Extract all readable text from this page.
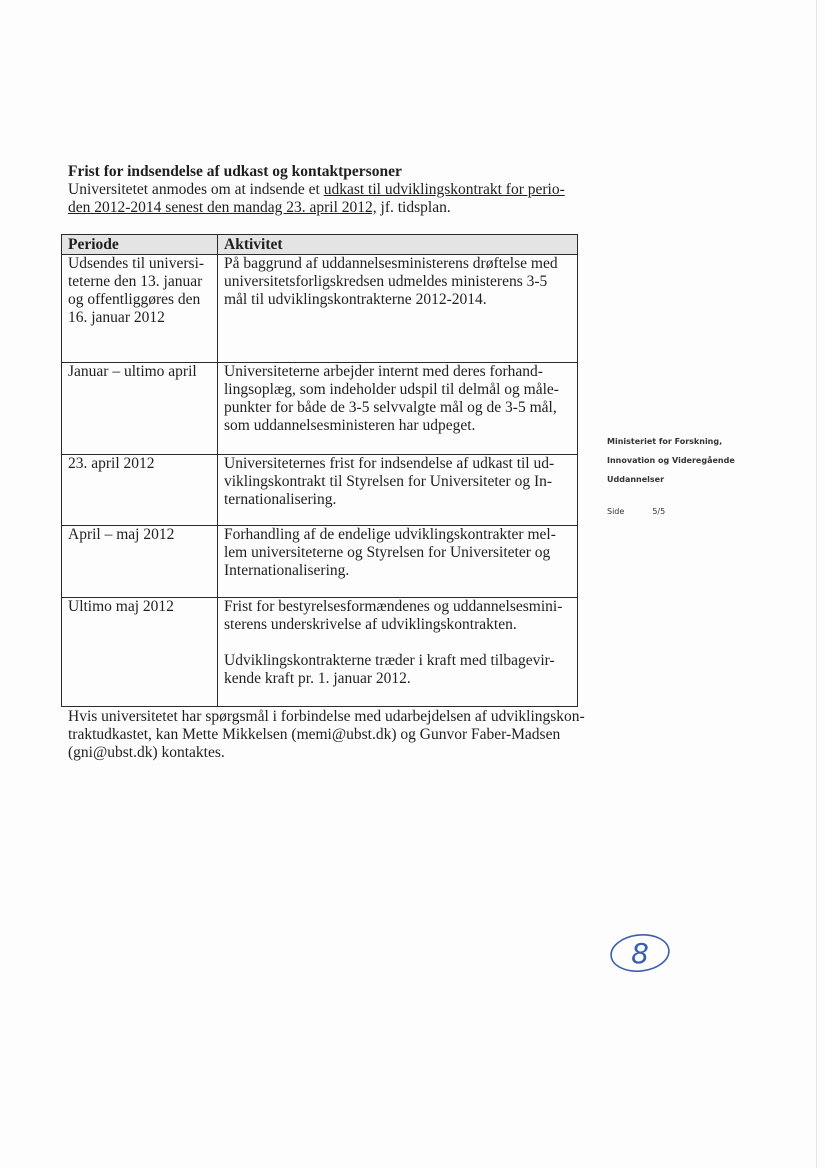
Frist for indsendelse af udkast og kontaktpersoner

Universitetet anmodes om at indsende et udkast til udviklingskontrakt for perio-
den 2012-2014 senest den mandag 23. april 2012, jf. tidsplan.

Periode	Aktivitet

Udsendes til universi-
teterne den 13. januar
og offentliggøres den
16. januar 2012	På baggrund af uddannelsesministerens drøftelse med
universitetsforligskredsen udmeldes ministerens 3-5
mål til udviklingskontrakterne 2012-2014.

Januar – ultimo april	Universiteterne arbejder internt med deres forhand-
lingsoplæg, som indeholder udspil til delmål og måle-
punkter for både de 3-5 selvvalgte mål og de 3-5 mål,
som uddannelsesministeren har udpeget.

23. april 2012	Universiteternes frist for indsendelse af udkast til ud-
viklingskontrakt til Styrelsen for Universiteter og In-
ternationalisering.

April – maj 2012	Forhandling af de endelige udviklingskontrakter mel-
lem universiteterne og Styrelsen for Universiteter og
Internationalisering.

Ultimo maj 2012	Frist for bestyrelsesformændenes og uddannelsesmini-
sterens underskrivelse af udviklingskontrakten.

Udviklingskontrakterne træder i kraft med tilbagevir-
kende kraft pr. 1. januar 2012.

Hvis universitetet har spørgsmål i forbindelse med udarbejdelsen af udviklingskon-
traktudkastet, kan Mette Mikkelsen (memi@ubst.dk) og Gunvor Faber-Madsen
(gni@ubst.dk) kontaktes.

Ministeriet for Forskning,
Innovation og Videregående
Uddannelser
Side	5/5
8
